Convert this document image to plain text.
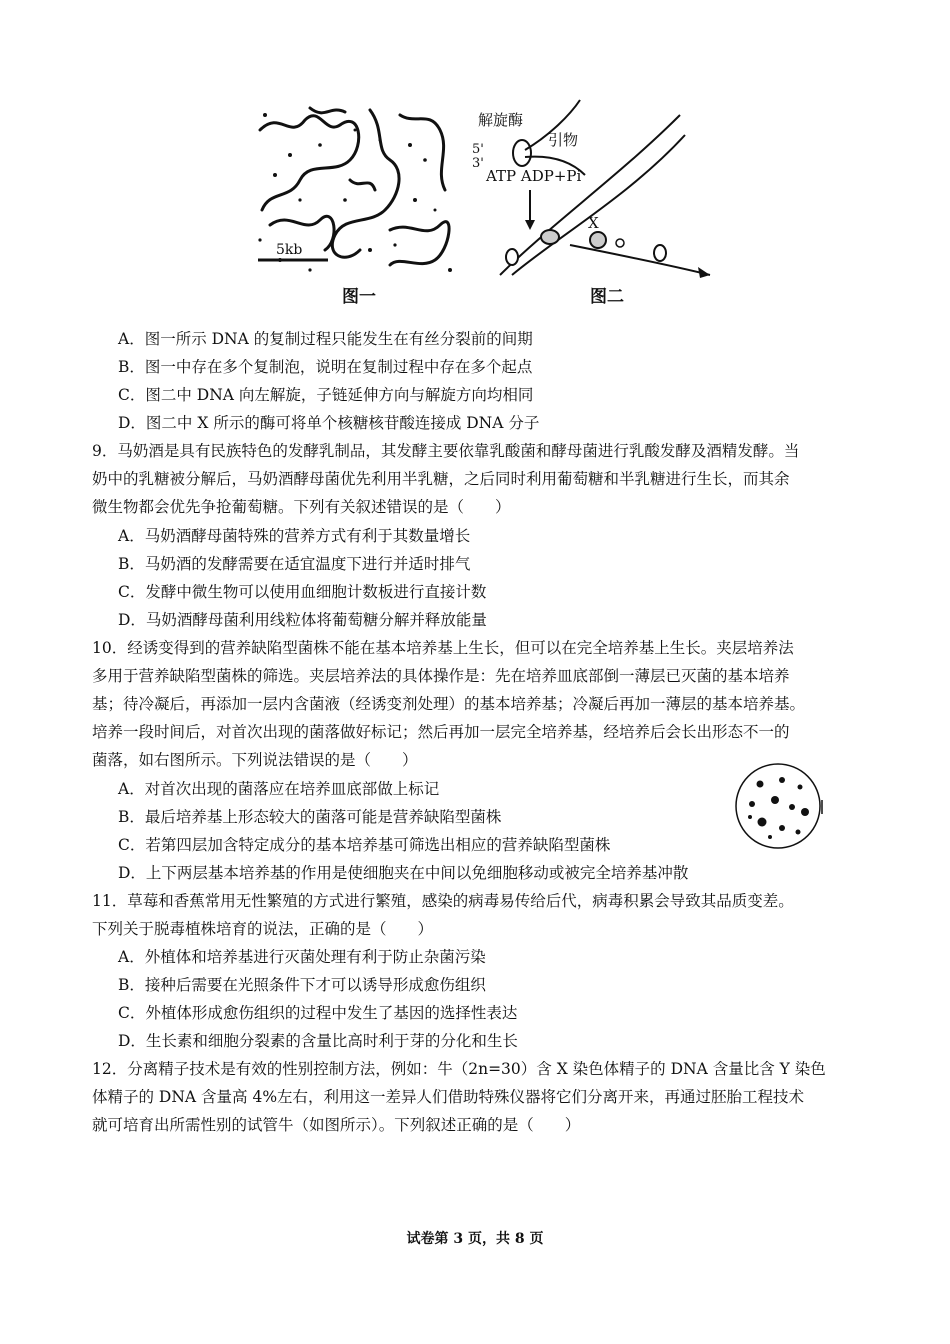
5kb
图一
解旋酶
引物
5'
3'
ATP ADP+Pi
X
图二
A．图一所示 DNA 的复制过程只能发生在有丝分裂前的间期
B．图一中存在多个复制泡，说明在复制过程中存在多个起点
C．图二中 DNA 向左解旋，子链延伸方向与解旋方向均相同
D．图二中 X 所示的酶可将单个核糖核苷酸连接成 DNA 分子
9．马奶酒是具有民族特色的发酵乳制品，其发酵主要依靠乳酸菌和酵母菌进行乳酸发酵及酒精发酵。当
奶中的乳糖被分解后，马奶酒酵母菌优先利用半乳糖，之后同时利用葡萄糖和半乳糖进行生长，而其余
微生物都会优先争抢葡萄糖。下列有关叙述错误的是（　　）
A．马奶酒酵母菌特殊的营养方式有利于其数量增长
B．马奶酒的发酵需要在适宜温度下进行并适时排气
C．发酵中微生物可以使用血细胞计数板进行直接计数
D．马奶酒酵母菌利用线粒体将葡萄糖分解并释放能量
10．经诱变得到的营养缺陷型菌株不能在基本培养基上生长，但可以在完全培养基上生长。夹层培养法
多用于营养缺陷型菌株的筛选。夹层培养法的具体操作是：先在培养皿底部倒一薄层已灭菌的基本培养
基；待冷凝后，再添加一层内含菌液（经诱变剂处理）的基本培养基；冷凝后再加一薄层的基本培养基。
培养一段时间后，对首次出现的菌落做好标记；然后再加一层完全培养基，经培养后会长出形态不一的
菌落，如右图所示。下列说法错误的是（　　）
A．对首次出现的菌落应在培养皿底部做上标记
B．最后培养基上形态较大的菌落可能是营养缺陷型菌株
C．若第四层加含特定成分的基本培养基可筛选出相应的营养缺陷型菌株
D．上下两层基本培养基的作用是使细胞夹在中间以免细胞移动或被完全培养基冲散
11．草莓和香蕉常用无性繁殖的方式进行繁殖，感染的病毒易传给后代，病毒积累会导致其品质变差。
下列关于脱毒植株培育的说法，正确的是（　　）
A．外植体和培养基进行灭菌处理有利于防止杂菌污染
B．接种后需要在光照条件下才可以诱导形成愈伤组织
C．外植体形成愈伤组织的过程中发生了基因的选择性表达
D．生长素和细胞分裂素的含量比高时利于芽的分化和生长
12．分离精子技术是有效的性别控制方法，例如：牛（2n=30）含 X 染色体精子的 DNA 含量比含 Y 染色
体精子的 DNA 含量高 4%左右，利用这一差异人们借助特殊仪器将它们分离开来，再通过胚胎工程技术
就可培育出所需性别的试管牛（如图所示）。下列叙述正确的是（　　）
试卷第 3 页，共 8 页
